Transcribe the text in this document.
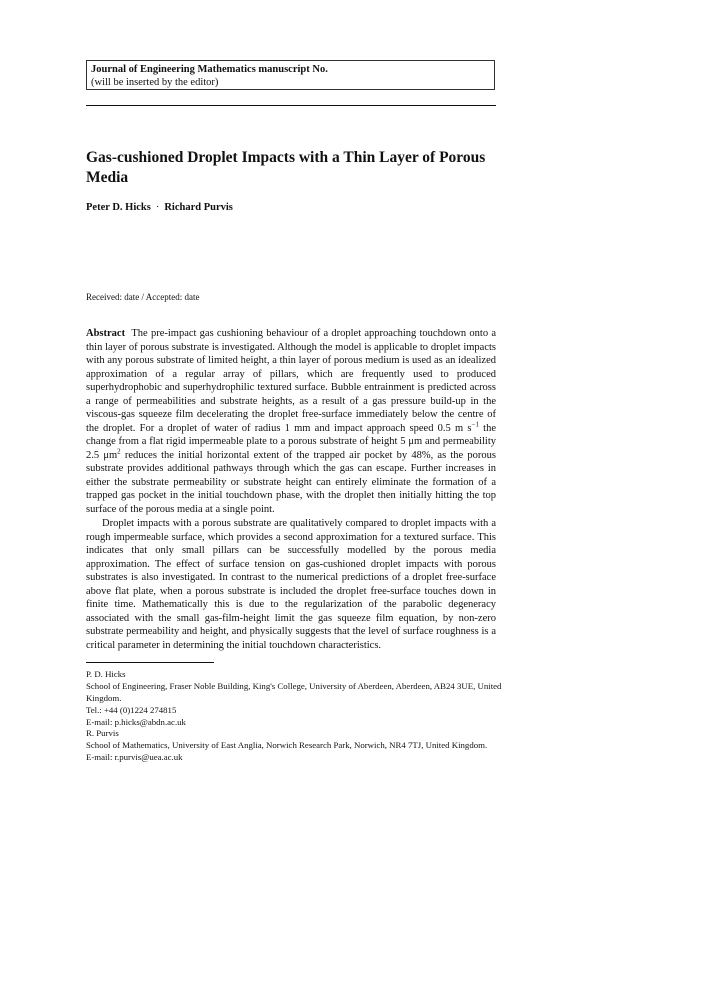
Journal of Engineering Mathematics manuscript No.
(will be inserted by the editor)
Gas-cushioned Droplet Impacts with a Thin Layer of Porous Media
Peter D. Hicks · Richard Purvis
Received: date / Accepted: date

Abstract The pre-impact gas cushioning behaviour of a droplet approaching touchdown onto a thin layer of porous substrate is investigated. Although the model is applicable to droplet impacts with any porous substrate of limited height, a thin layer of porous medium is used as an idealized approximation of a regular array of pillars, which are frequently used to produced superhydrophobic and superhydrophilic textured surface. Bubble entrainment is predicted across a range of permeabilities and substrate heights, as a result of a gas pressure build-up in the viscous-gas squeeze film decelerating the droplet free-surface immediately below the centre of the droplet. For a droplet of water of radius 1 mm and impact approach speed 0.5 m $s^{-1}$ the change from a flat rigid impermeable plate to a porous substrate of height 5 μm and permeability 2.5 $\mu m^2$ reduces the initial horizontal extent of the trapped air pocket by 48%, as the porous substrate provides additional pathways through which the gas can escape. Further increases in either the substrate permeability or substrate height can entirely eliminate the formation of a trapped gas pocket in the initial touchdown phase, with the droplet then initially hitting the top surface of the porous media at a single point.

Droplet impacts with a porous substrate are qualitatively compared to droplet impacts with a rough impermeable surface, which provides a second approximation for a textured surface. This indicates that only small pillars can be successfully modelled by the porous media approximation. The effect of surface tension on gas-cushioned droplet impacts with porous substrates is also investigated. In contrast to the numerical predictions of a droplet free-surface above flat plate, when a porous substrate is included the droplet free-surface touches down in finite time. Mathematically this is due to the regularization of the parabolic degeneracy associated with the small gas-film-height limit the gas squeeze film equation, by non-zero substrate permeability and height, and physically suggests that the level of surface roughness is a critical parameter in determining the initial touchdown characteristics.

P. D. Hicks
School of Engineering, Fraser Noble Building, King's College, University of Aberdeen, Aberdeen, AB24 3UE, United Kingdom.
Tel.: +44 (0)1224 274815
E-mail: p.hicks@abdn.ac.uk
R. Purvis
School of Mathematics, University of East Anglia, Norwich Research Park, Norwich, NR4 7TJ, United Kingdom.
E-mail: r.purvis@uea.ac.uk
